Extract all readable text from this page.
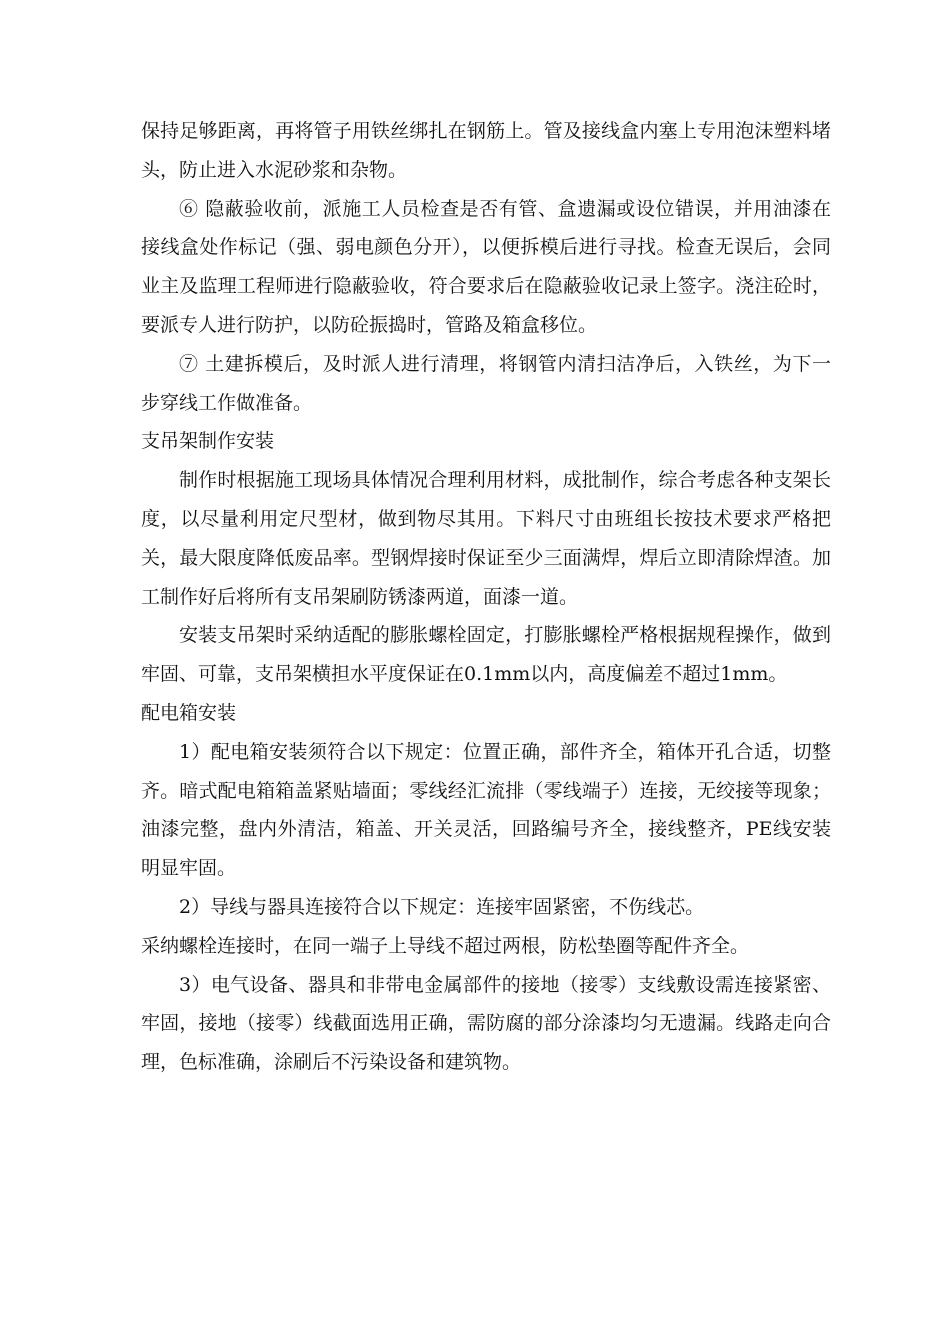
保持足够距离，再将管子用铁丝绑扎在钢筋上。管及接线盒内塞上专用泡沫塑料堵头，防止进入水泥砂浆和杂物。

⑥ 隐蔽验收前，派施工人员检查是否有管、盒遗漏或设位错误，并用油漆在接线盒处作标记（强、弱电颜色分开），以便拆模后进行寻找。检查无误后，会同业主及监理工程师进行隐蔽验收，符合要求后在隐蔽验收记录上签字。浇注砼时，要派专人进行防护，以防砼振捣时，管路及箱盒移位。

⑦ 土建拆模后，及时派人进行清理，将钢管内清扫洁净后，入铁丝，为下一步穿线工作做准备。

支吊架制作安装

制作时根据施工现场具体情况合理利用材料，成批制作，综合考虑各种支架长度，以尽量利用定尺型材，做到物尽其用。下料尺寸由班组长按技术要求严格把关，最大限度降低废品率。型钢焊接时保证至少三面满焊，焊后立即清除焊渣。加工制作好后将所有支吊架刷防锈漆两道，面漆一道。

安装支吊架时采纳适配的膨胀螺栓固定，打膨胀螺栓严格根据规程操作，做到牢固、可靠，支吊架横担水平度保证在0.1mm以内，高度偏差不超过1mm。

配电箱安装

1）配电箱安装须符合以下规定：位置正确，部件齐全，箱体开孔合适，切整齐。暗式配电箱箱盖紧贴墙面；零线经汇流排（零线端子）连接，无绞接等现象；油漆完整，盘内外清洁，箱盖、开关灵活，回路编号齐全，接线整齐，PE线安装明显牢固。

2）导线与器具连接符合以下规定：连接牢固紧密，不伤线芯。

采纳螺栓连接时，在同一端子上导线不超过两根，防松垫圈等配件齐全。

3）电气设备、器具和非带电金属部件的接地（接零）支线敷设需连接紧密、牢固，接地（接零）线截面选用正确，需防腐的部分涂漆均匀无遗漏。线路走向合理，色标准确，涂刷后不污染设备和建筑物。
